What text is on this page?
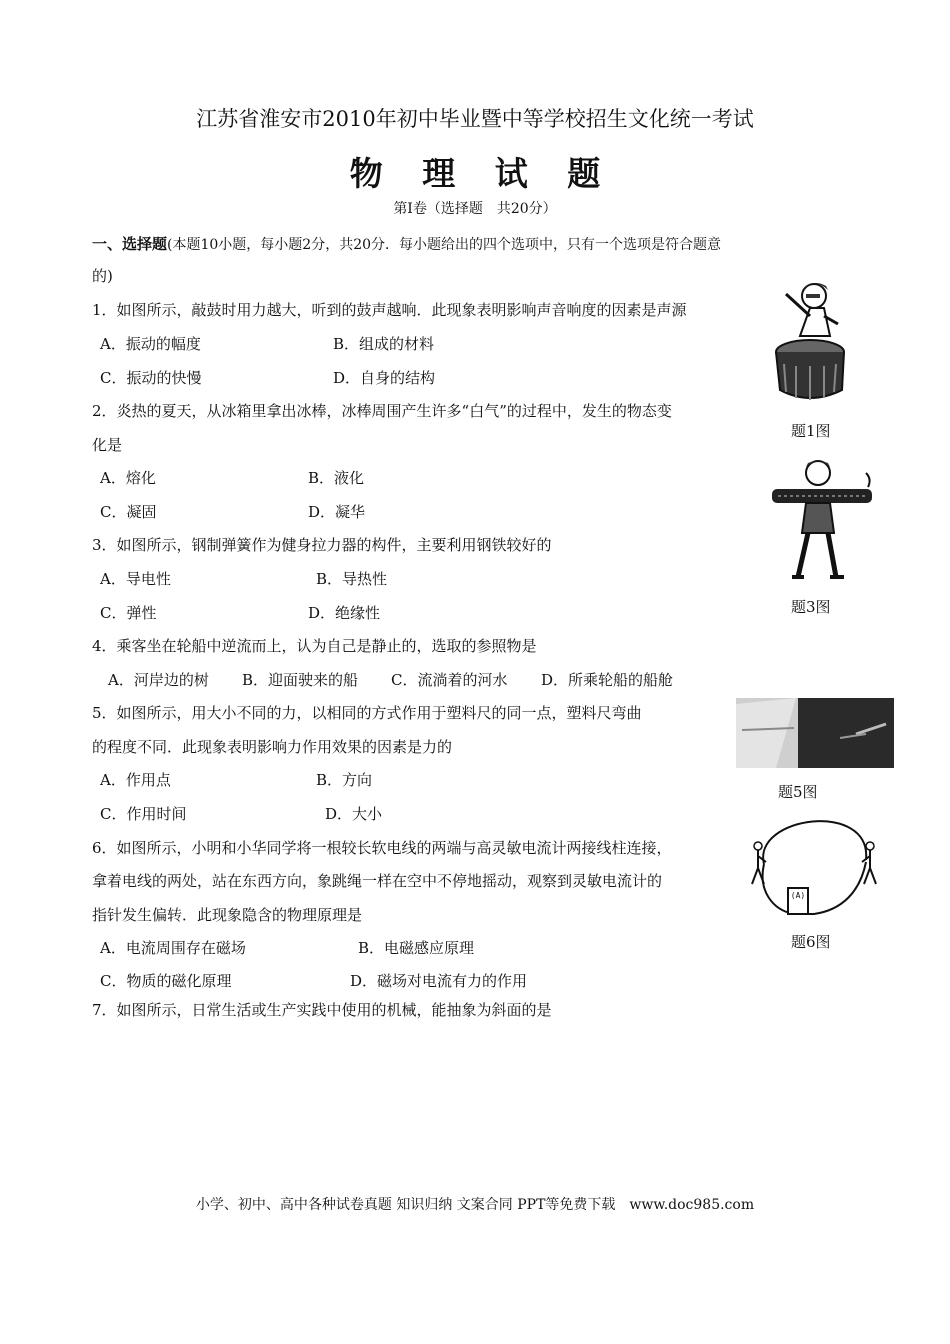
江苏省淮安市2010年初中毕业暨中等学校招生文化统一考试
物 理 试 题
第I卷（选择题　共20分）
一、选择题(本题10小题，每小题2分，共20分．每小题给出的四个选项中，只有一个选项是符合题意
的)
1．如图所示，敲鼓时用力越大，听到的鼓声越响．此现象表明影响声音响度的因素是声源
A．振动的幅度	B．组成的材料
C．振动的快慢	D．自身的结构
2．炎热的夏天，从冰箱里拿出冰棒，冰棒周围产生许多“白气”的过程中，发生的物态变
化是
A．熔化	B．液化
C．凝固	D．凝华
3．如图所示，钢制弹簧作为健身拉力器的构件，主要利用钢铁较好的
A．导电性	B．导热性
C．弹性	D．绝缘性
4．乘客坐在轮船中逆流而上，认为自己是静止的，选取的参照物是
A．河岸边的树 B．迎面驶来的船 C．流淌着的河水 D．所乘轮船的船舱
5．如图所示，用大小不同的力，以相同的方式作用于塑料尺的同一点，塑料尺弯曲
的程度不同．此现象表明影响力作用效果的因素是力的
A．作用点	B．方向
C．作用时间	D．大小
6．如图所示，小明和小华同学将一根较长软电线的两端与高灵敏电流计两接线柱连接，
拿着电线的两处，站在东西方向，象跳绳一样在空中不停地摇动，观察到灵敏电流计的
指针发生偏转．此现象隐含的物理原理是
A．电流周围存在磁场	B．电磁感应原理
C．物质的磁化原理	D．磁场对电流有力的作用
7．如图所示，日常生活或生产实践中使用的机械，能抽象为斜面的是
题1图
题3图
题5图
(A)
题6图
小学、初中、高中各种试卷真题 知识归纳 文案合同 PPT等免费下载　www.doc985.com
